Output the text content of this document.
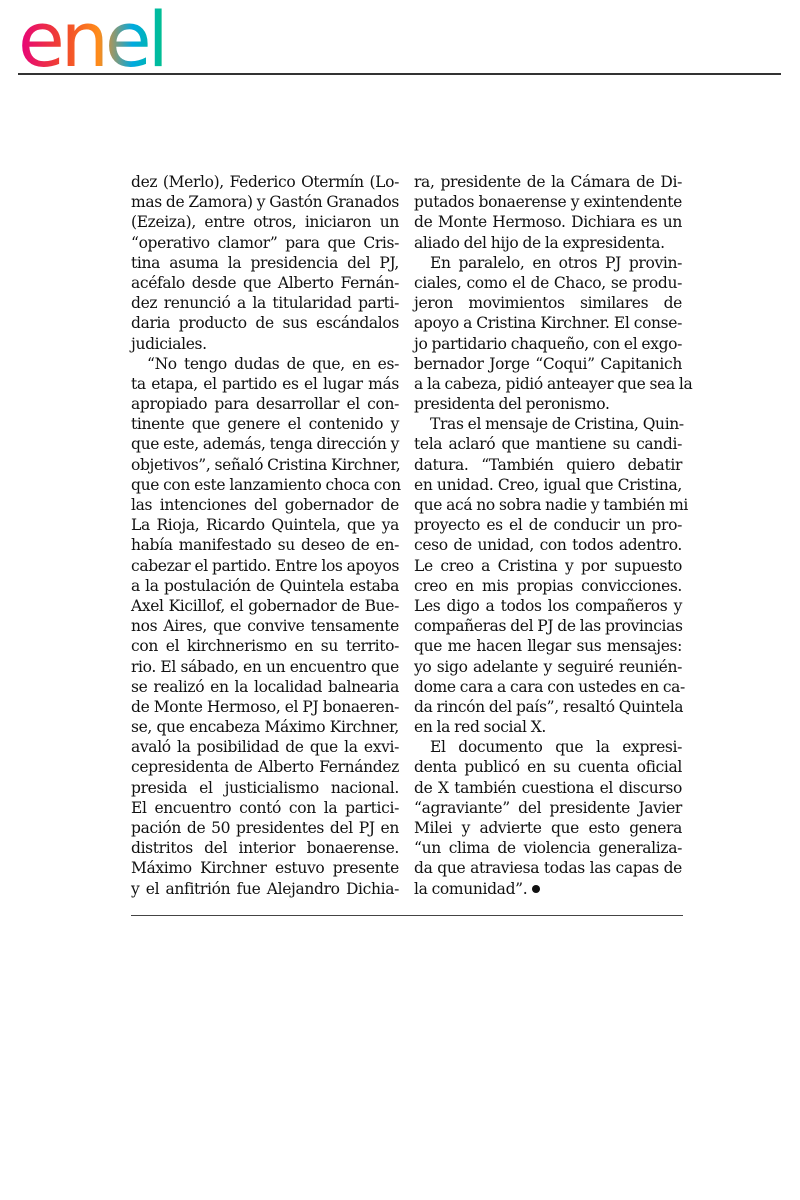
enel
dez (Merlo), Federico Otermín (Lo-
mas de Zamora) y Gastón Granados
(Ezeiza), entre otros, iniciaron un
“operativo clamor” para que Cris-
tina asuma la presidencia del PJ,
acéfalo desde que Alberto Fernán-
dez renunció a la titularidad parti-
daria producto de sus escándalos
judiciales.
“No tengo dudas de que, en es-
ta etapa, el partido es el lugar más
apropiado para desarrollar el con-
tinente que genere el contenido y
que este, además, tenga dirección y
objetivos”, señaló Cristina Kirchner,
que con este lanzamiento choca con
las intenciones del gobernador de
La Rioja, Ricardo Quintela, que ya
había manifestado su deseo de en-
cabezar el partido. Entre los apoyos
a la postulación de Quintela estaba
Axel Kicillof, el gobernador de Bue-
nos Aires, que convive tensamente
con el kirchnerismo en su territo-
rio. El sábado, en un encuentro que
se realizó en la localidad balnearia
de Monte Hermoso, el PJ bonaeren-
se, que encabeza Máximo Kirchner,
avaló la posibilidad de que la exvi-
cepresidenta de Alberto Fernández
presida el justicialismo nacional.
El encuentro contó con la partici-
pación de 50 presidentes del PJ en
distritos del interior bonaerense.
Máximo Kirchner estuvo presente
y el anfitrión fue Alejandro Dichia-
ra, presidente de la Cámara de Di-
putados bonaerense y exintendente
de Monte Hermoso. Dichiara es un
aliado del hijo de la expresidenta.
En paralelo, en otros PJ provin-
ciales, como el de Chaco, se produ-
jeron movimientos similares de
apoyo a Cristina Kirchner. El conse-
jo partidario chaqueño, con el exgo-
bernador Jorge “Coqui” Capitanich
a la cabeza, pidió anteayer que sea la
presidenta del peronismo.
Tras el mensaje de Cristina, Quin-
tela aclaró que mantiene su candi-
datura. “También quiero debatir
en unidad. Creo, igual que Cristina,
que acá no sobra nadie y también mi
proyecto es el de conducir un pro-
ceso de unidad, con todos adentro.
Le creo a Cristina y por supuesto
creo en mis propias convicciones.
Les digo a todos los compañeros y
compañeras del PJ de las provincias
que me hacen llegar sus mensajes:
yo sigo adelante y seguiré reunién-
dome cara a cara con ustedes en ca-
da rincón del país”, resaltó Quintela
en la red social X.
El documento que la expresi-
denta publicó en su cuenta oficial
de X también cuestiona el discurso
“agraviante” del presidente Javier
Milei y advierte que esto genera
“un clima de violencia generaliza-
da que atraviesa todas las capas de
la comunidad”.
